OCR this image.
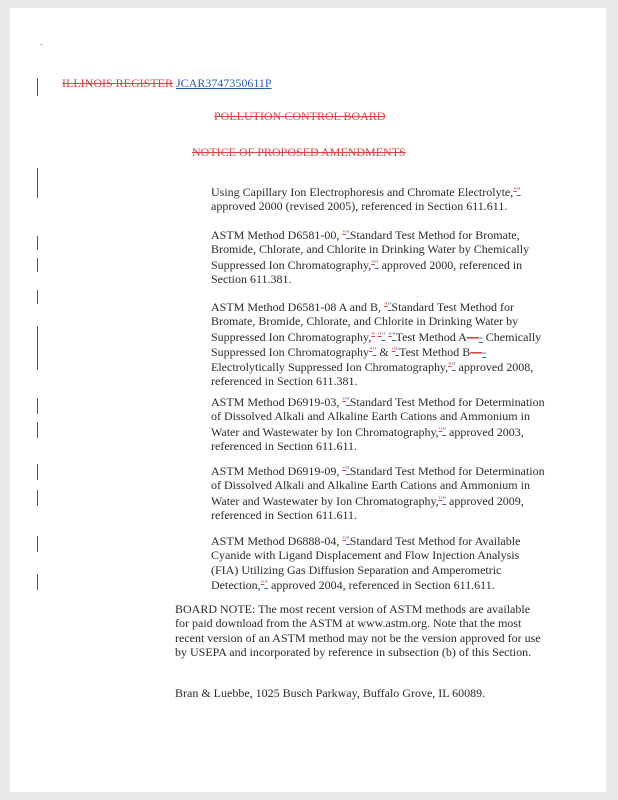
ILLINOIS REGISTER JCAR3747350611P
POLLUTION CONTROL BOARD
NOTICE OF PROPOSED AMENDMENTS
Using Capillary Ion Electrophoresis and Chromate Electrolyte,""
approved 2000 (revised 2005), referenced in Section 611.611.
ASTM Method D6581-00, ""Standard Test Method for Bromate, Bromide, Chlorate, and Chlorite in Drinking Water by Chemically Suppressed Ion Chromatography,"" approved 2000, referenced in Section 611.381.
ASTM Method D6581-08 A and B, ""Standard Test Method for Bromate, Bromide, Chlorate, and Chlorite in Drinking Water by Suppressed Ion Chromatography," "" ""Test Method A—- Chemically Suppressed Ion Chromatography"" & ""Test Method B—-Electrolytically Suppressed Ion Chromatography,"" approved 2008, referenced in Section 611.381.
ASTM Method D6919-03, ""Standard Test Method for Determination of Dissolved Alkali and Alkaline Earth Cations and Ammonium in Water and Wastewater by Ion Chromatography,"" approved 2003, referenced in Section 611.611.
ASTM Method D6919-09, ""Standard Test Method for Determination of Dissolved Alkali and Alkaline Earth Cations and Ammonium in Water and Wastewater by Ion Chromatography,"" approved 2009, referenced in Section 611.611.
ASTM Method D6888-04, ""Standard Test Method for Available Cyanide with Ligand Displacement and Flow Injection Analysis (FIA) Utilizing Gas Diffusion Separation and Amperometric Detection,"" approved 2004, referenced in Section 611.611.
BOARD NOTE: The most recent version of ASTM methods are available for paid download from the ASTM at www.astm.org. Note that the most recent version of an ASTM method may not be the version approved for use by USEPA and incorporated by reference in subsection (b) of this Section.
Bran & Luebbe, 1025 Busch Parkway, Buffalo Grove, IL 60089.
